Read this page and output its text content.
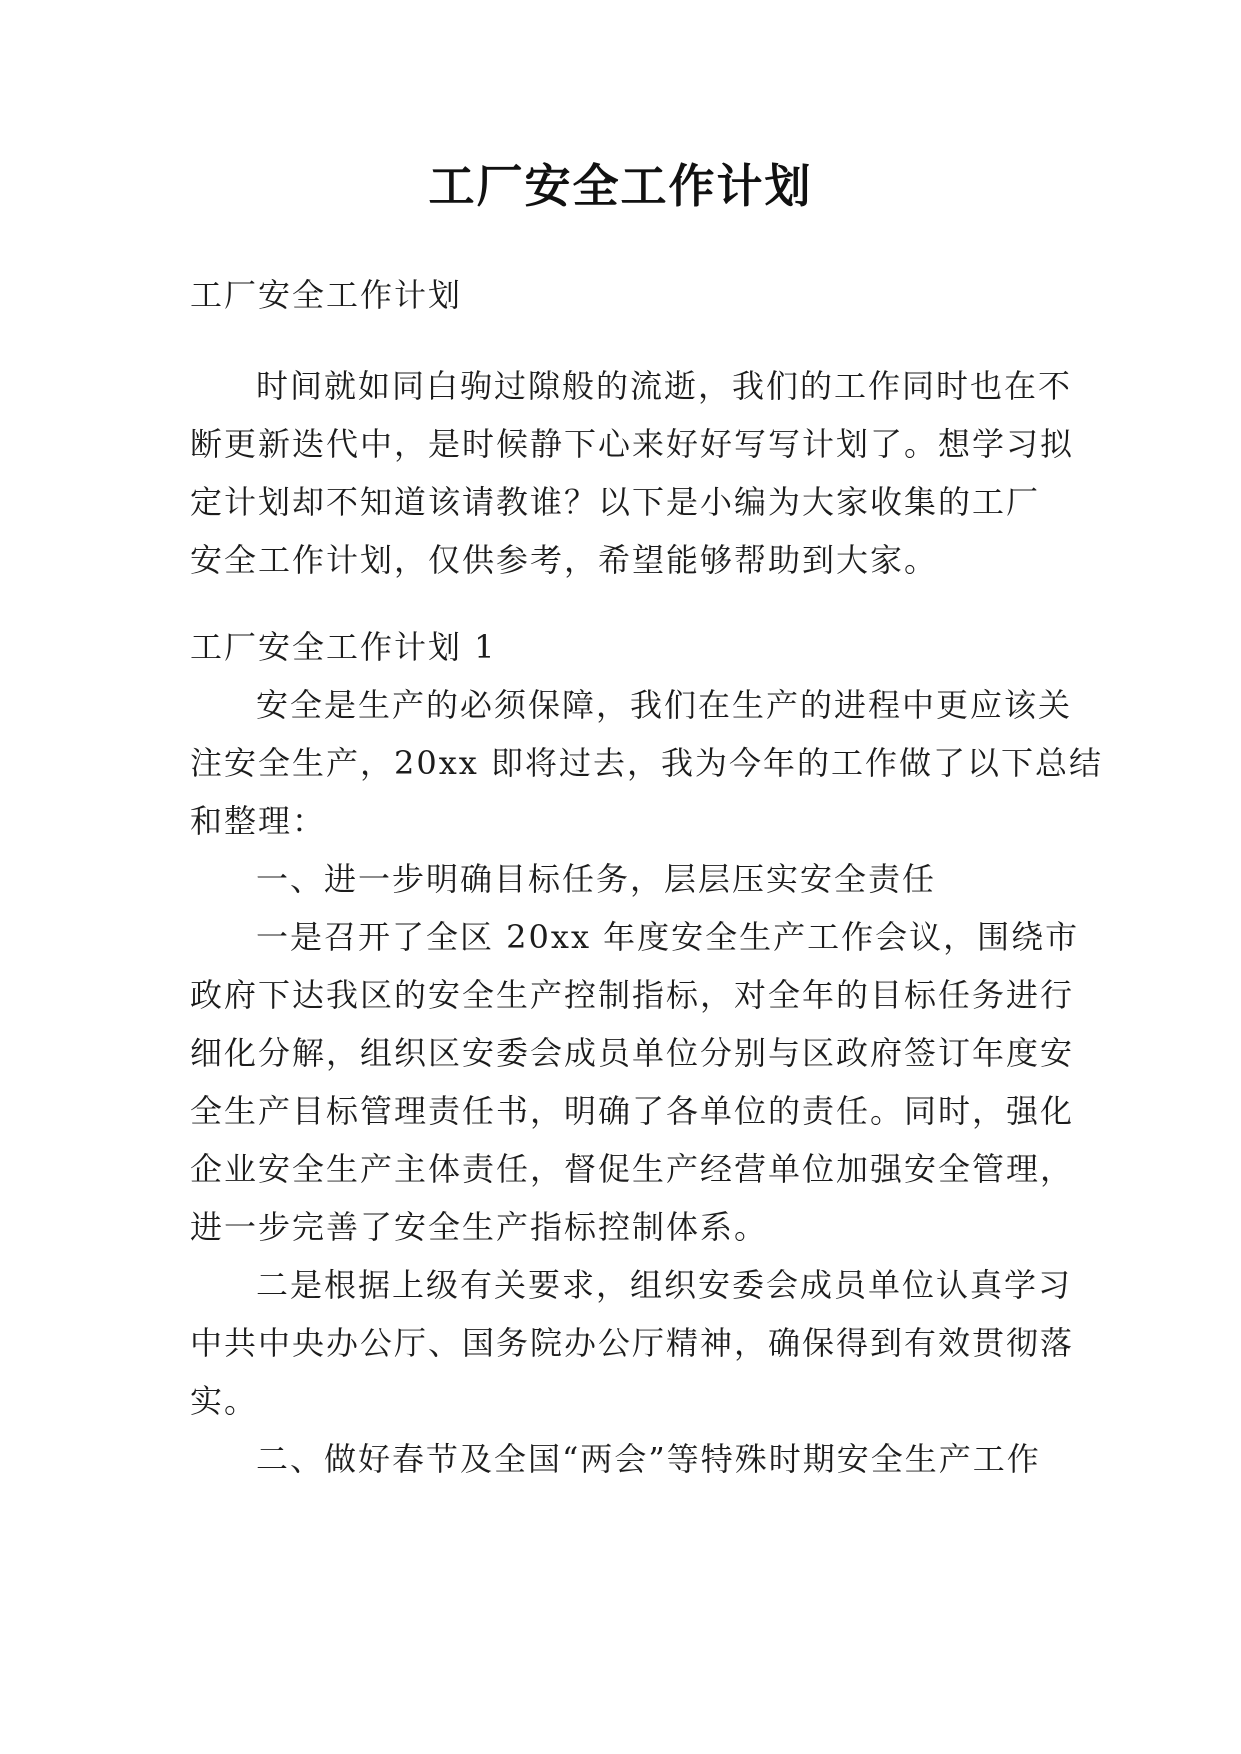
工厂安全工作计划
工厂安全工作计划
时间就如同白驹过隙般的流逝，我们的工作同时也在不
断更新迭代中，是时候静下心来好好写写计划了。想学习拟
定计划却不知道该请教谁？以下是小编为大家收集的工厂
安全工作计划，仅供参考，希望能够帮助到大家。
工厂安全工作计划 1
安全是生产的必须保障，我们在生产的进程中更应该关
注安全生产，20xx 即将过去，我为今年的工作做了以下总结
和整理：
一、进一步明确目标任务，层层压实安全责任
一是召开了全区 20xx 年度安全生产工作会议，围绕市
政府下达我区的安全生产控制指标，对全年的目标任务进行
细化分解，组织区安委会成员单位分别与区政府签订年度安
全生产目标管理责任书，明确了各单位的责任。同时，强化
企业安全生产主体责任，督促生产经营单位加强安全管理，
进一步完善了安全生产指标控制体系。
二是根据上级有关要求，组织安委会成员单位认真学习
中共中央办公厅、国务院办公厅精神，确保得到有效贯彻落
实。
二、做好春节及全国“两会”等特殊时期安全生产工作
